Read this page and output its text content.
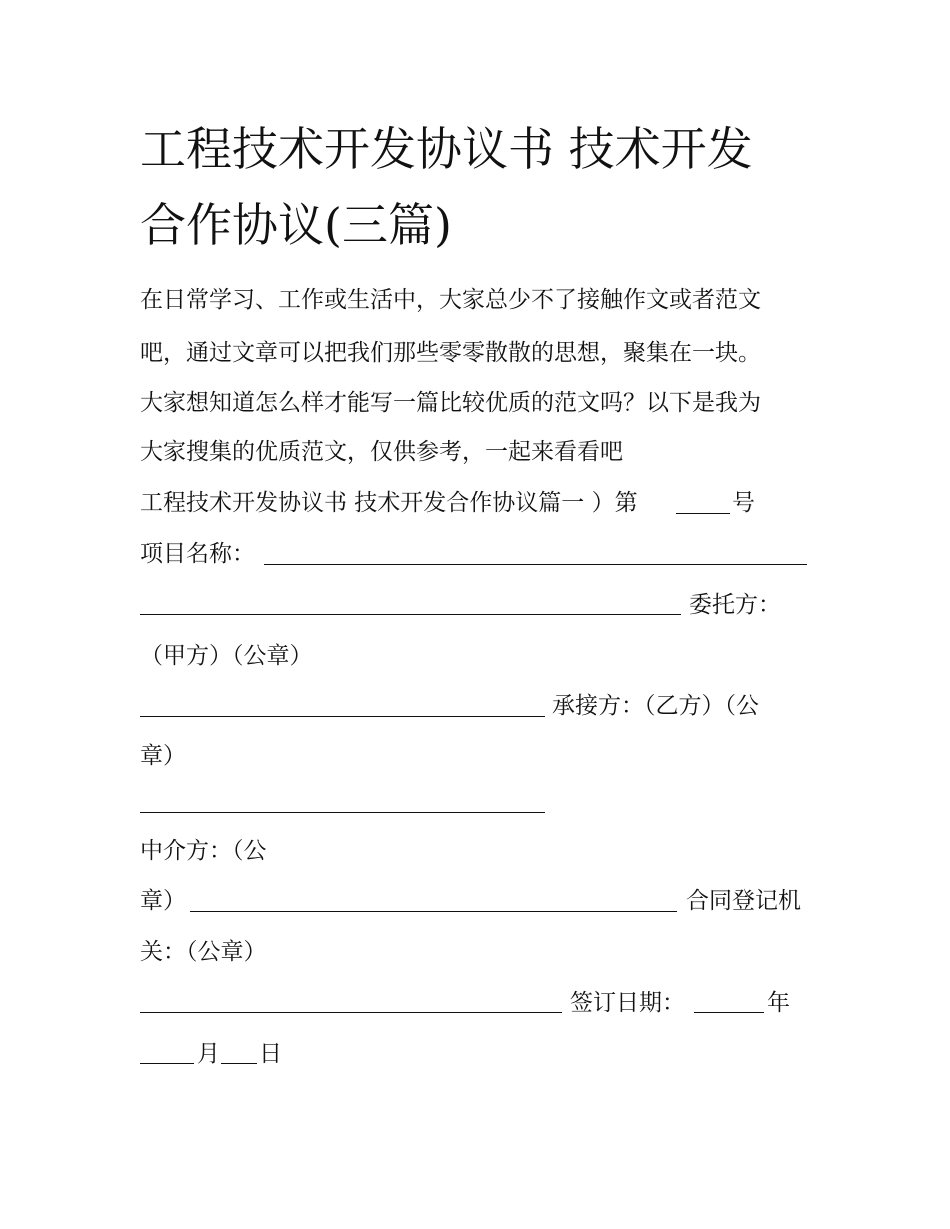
工程技术开发协议书 技术开发
合作协议(三篇)
在日常学习、工作或生活中，大家总少不了接触作文或者范文
吧，通过文章可以把我们那些零零散散的思想，聚集在一块。
大家想知道怎么样才能写一篇比较优质的范文吗？以下是我为
大家搜集的优质范文，仅供参考，一起来看看吧
工程技术开发协议书 技术开发合作协议篇一 ）第	号
项目名称：
委托方：
（甲方）（公章）
承接方：（乙方）（公
章）
中介方：（公
章）	合同登记机
关：（公章）
签订日期：	年
月 日
